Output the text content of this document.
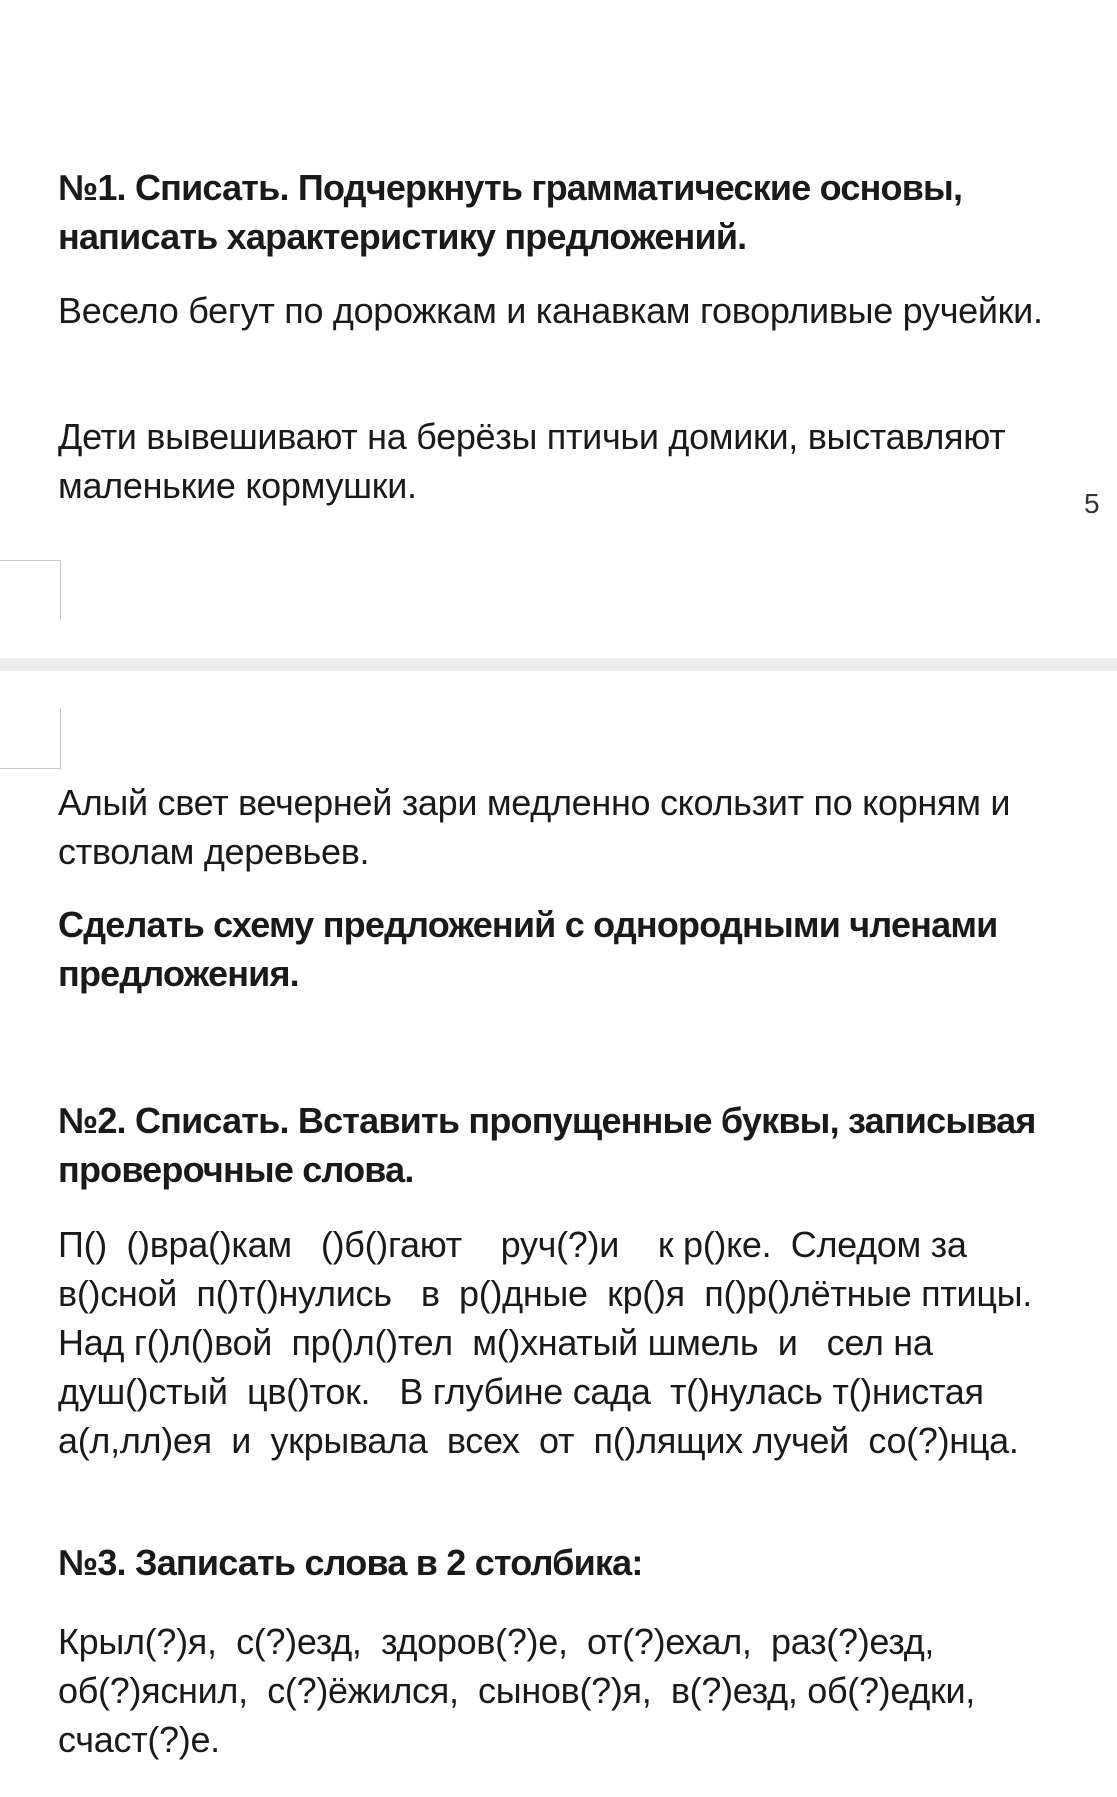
№1. Списать. Подчеркнуть грамматические основы, написать характеристику предложений.

Весело бегут по дорожкам и канавкам говорливые ручейки.

Дети вывешивают на берёзы птичьи домики, выставляют маленькие кормушки.	5

Алый свет вечерней зари медленно скользит по корням и стволам деревьев.

Сделать схему предложений с однородными членами предложения.

№2. Списать. Вставить пропущенные буквы, записывая проверочные слова.

П()  ()вра()кам   ()б()гают    руч(?)и    к р()ке.  Следом за в()сной  п()т()нулись   в  р()дные  кр()я  п()р()лётные птицы.  Над г()л()вой  пр()л()тел  м()хнатый шмель  и   сел на  душ()стый  цв()ток.   В глубине сада  т()нулась т()нистая  а(л,лл)ея  и  укрывала  всех  от  п()лящих лучей  со(?)нца.

№3. Записать слова в 2 столбика:

Крыл(?)я,  с(?)езд,  здоров(?)е,  от(?)ехал,  раз(?)езд, об(?)яснил,  с(?)ёжился,  сынов(?)я,  в(?)езд, об(?)едки, счаст(?)е.
